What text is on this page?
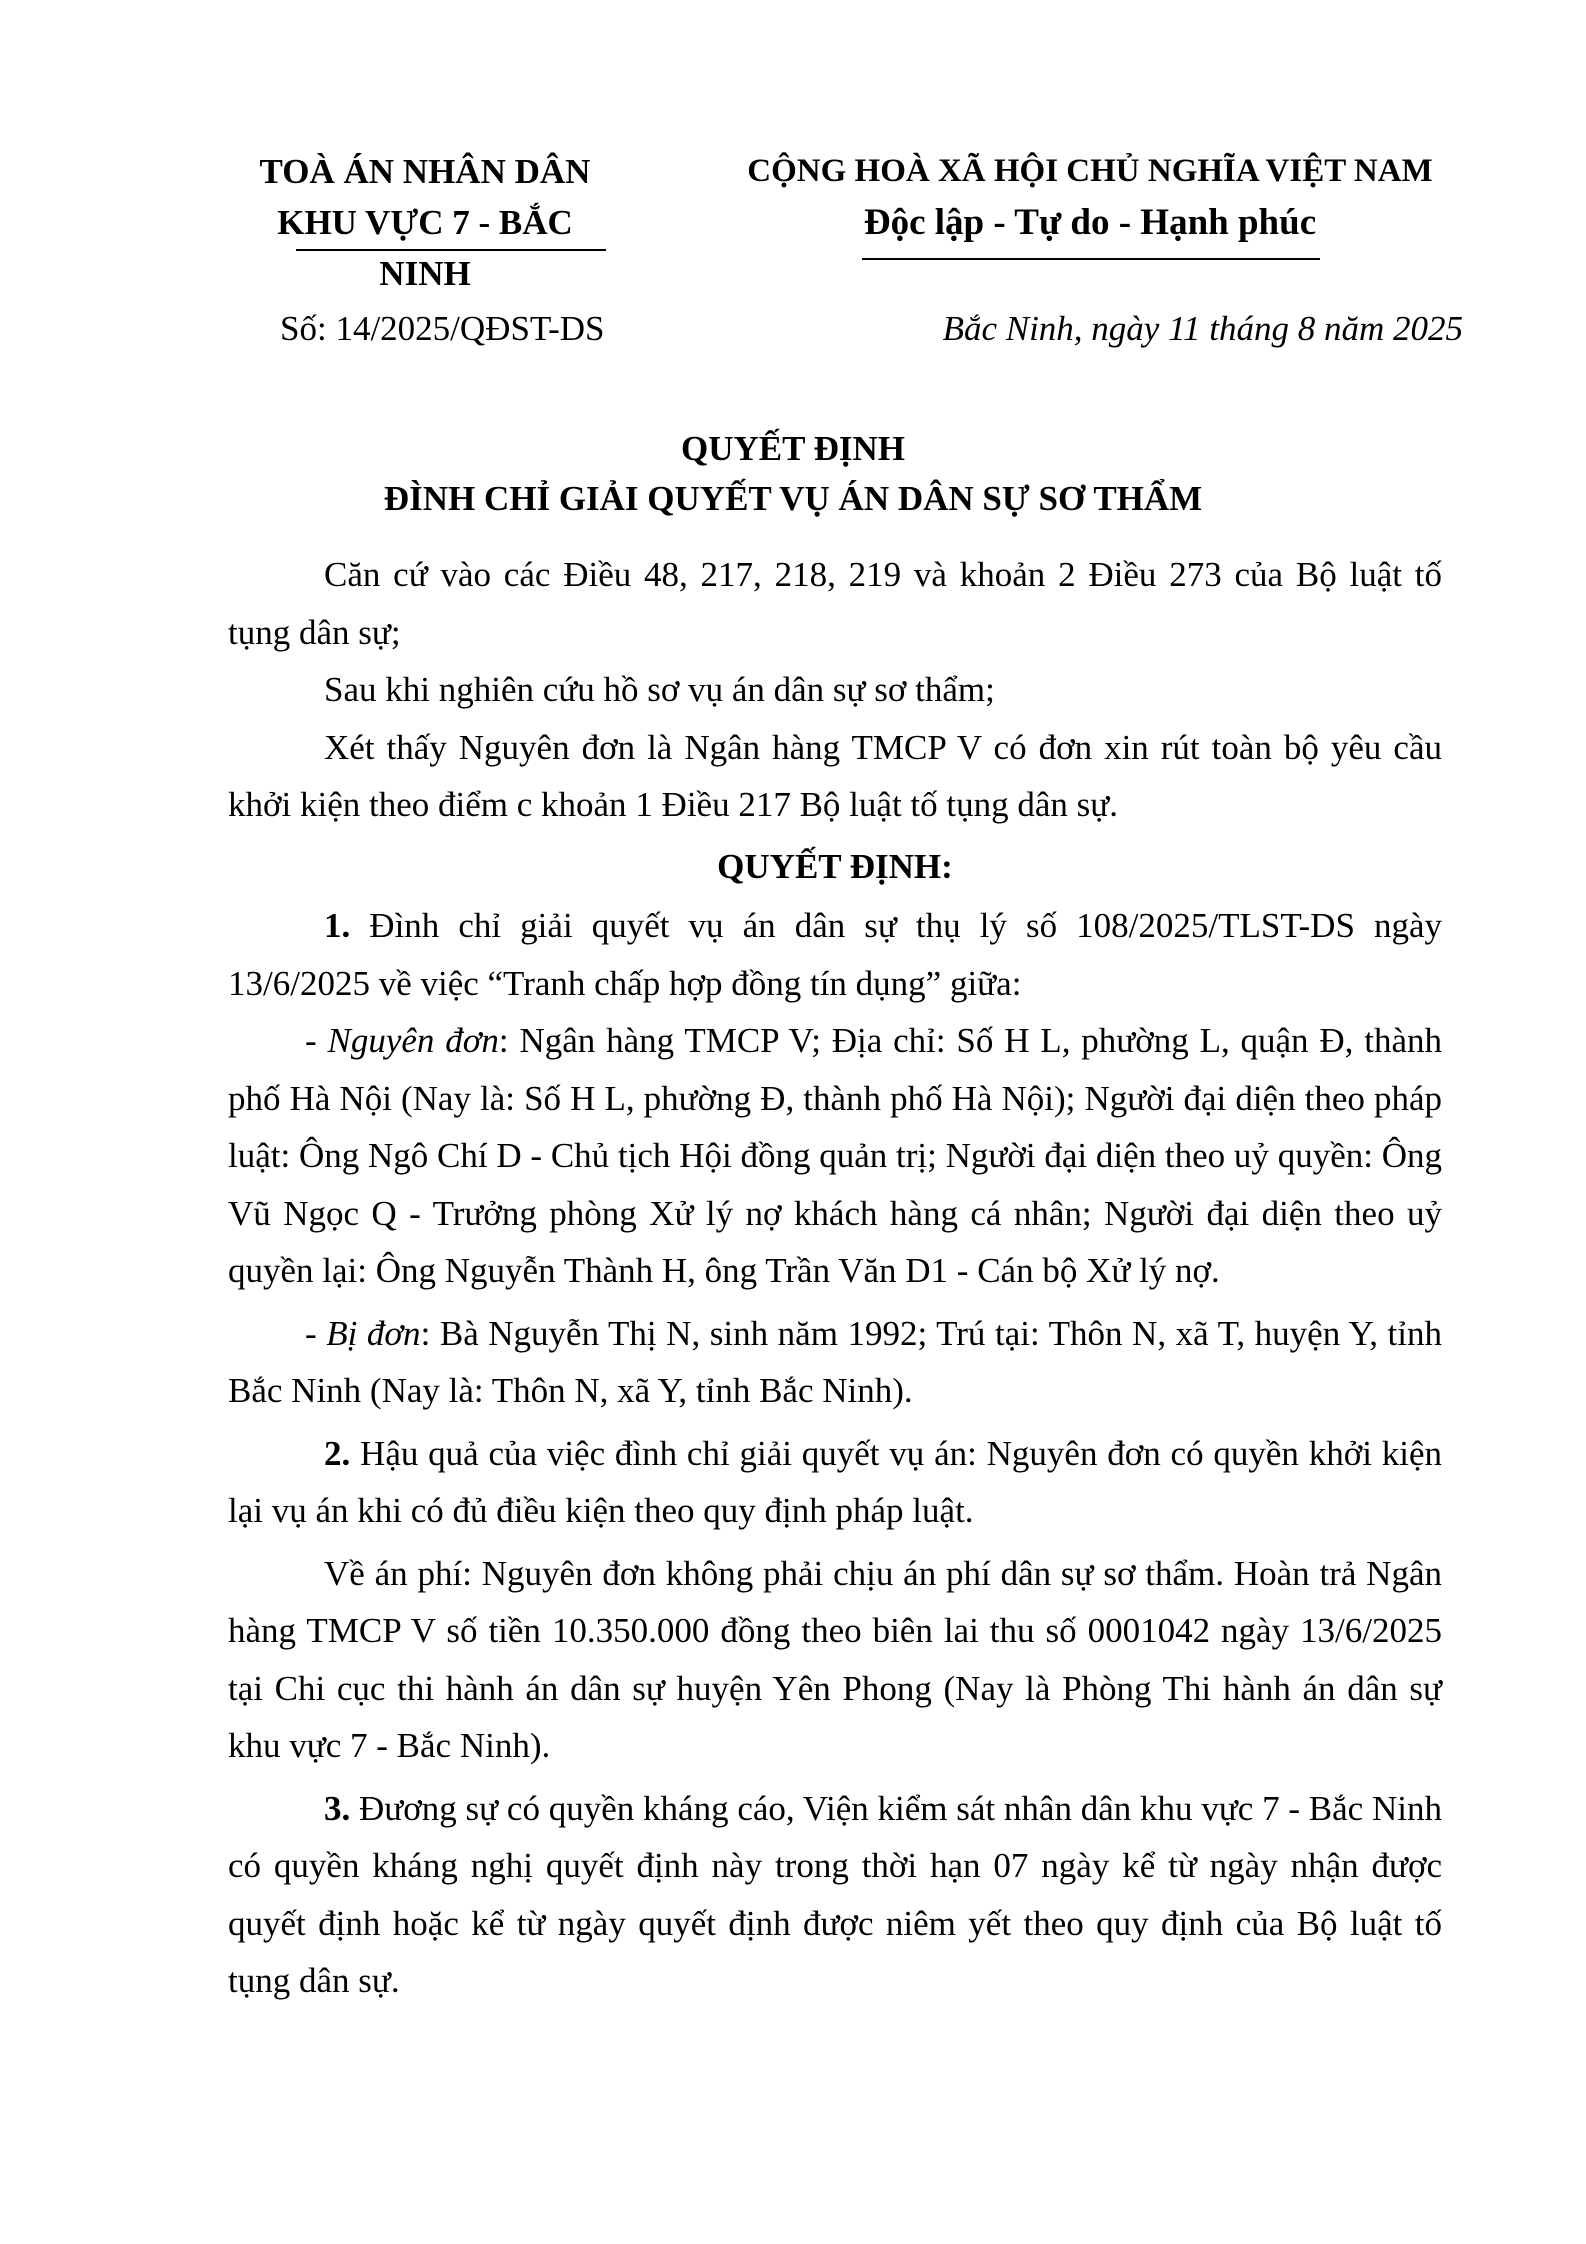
TOÀ ÁN NHÂN DÂN
KHU VỰC 7 - BẮC NINH
CỘNG HOÀ XÃ HỘI CHỦ NGHĨA VIỆT NAM
Độc lập - Tự do - Hạnh phúc
Số: 14/2025/QĐST-DS	Bắc Ninh, ngày 11 tháng 8 năm 2025
QUYẾT ĐỊNH
ĐÌNH CHỈ GIẢI QUYẾT VỤ ÁN DÂN SỰ SƠ THẨM

Căn cứ vào các Điều 48, 217, 218, 219 và khoản 2 Điều 273 của Bộ luật tố tụng dân sự;

Sau khi nghiên cứu hồ sơ vụ án dân sự sơ thẩm;

Xét thấy Nguyên đơn là Ngân hàng TMCP V có đơn xin rút toàn bộ yêu cầu khởi kiện theo điểm c khoản 1 Điều 217 Bộ luật tố tụng dân sự.

QUYẾT ĐỊNH:

1. Đình chỉ giải quyết vụ án dân sự thụ lý số 108/2025/TLST-DS ngày 13/6/2025 về việc “Tranh chấp hợp đồng tín dụng” giữa:

- Nguyên đơn: Ngân hàng TMCP V; Địa chỉ: Số H L, phường L, quận Đ, thành phố Hà Nội (Nay là: Số H L, phường Đ, thành phố Hà Nội); Người đại diện theo pháp luật: Ông Ngô Chí D - Chủ tịch Hội đồng quản trị; Người đại diện theo uỷ quyền: Ông Vũ Ngọc Q - Trưởng phòng Xử lý nợ khách hàng cá nhân; Người đại diện theo uỷ quyền lại: Ông Nguyễn Thành H, ông Trần Văn D1 - Cán bộ Xử lý nợ.

- Bị đơn: Bà Nguyễn Thị N, sinh năm 1992; Trú tại: Thôn N, xã T, huyện Y, tỉnh Bắc Ninh (Nay là: Thôn N, xã Y, tỉnh Bắc Ninh).

2. Hậu quả của việc đình chỉ giải quyết vụ án: Nguyên đơn có quyền khởi kiện lại vụ án khi có đủ điều kiện theo quy định pháp luật.

Về án phí: Nguyên đơn không phải chịu án phí dân sự sơ thẩm. Hoàn trả Ngân hàng TMCP V số tiền 10.350.000 đồng theo biên lai thu số 0001042 ngày 13/6/2025 tại Chi cục thi hành án dân sự huyện Yên Phong (Nay là Phòng Thi hành án dân sự khu vực 7 - Bắc Ninh).

3. Đương sự có quyền kháng cáo, Viện kiểm sát nhân dân khu vực 7 - Bắc Ninh có quyền kháng nghị quyết định này trong thời hạn 07 ngày kể từ ngày nhận được quyết định hoặc kể từ ngày quyết định được niêm yết theo quy định của Bộ luật tố tụng dân sự.
